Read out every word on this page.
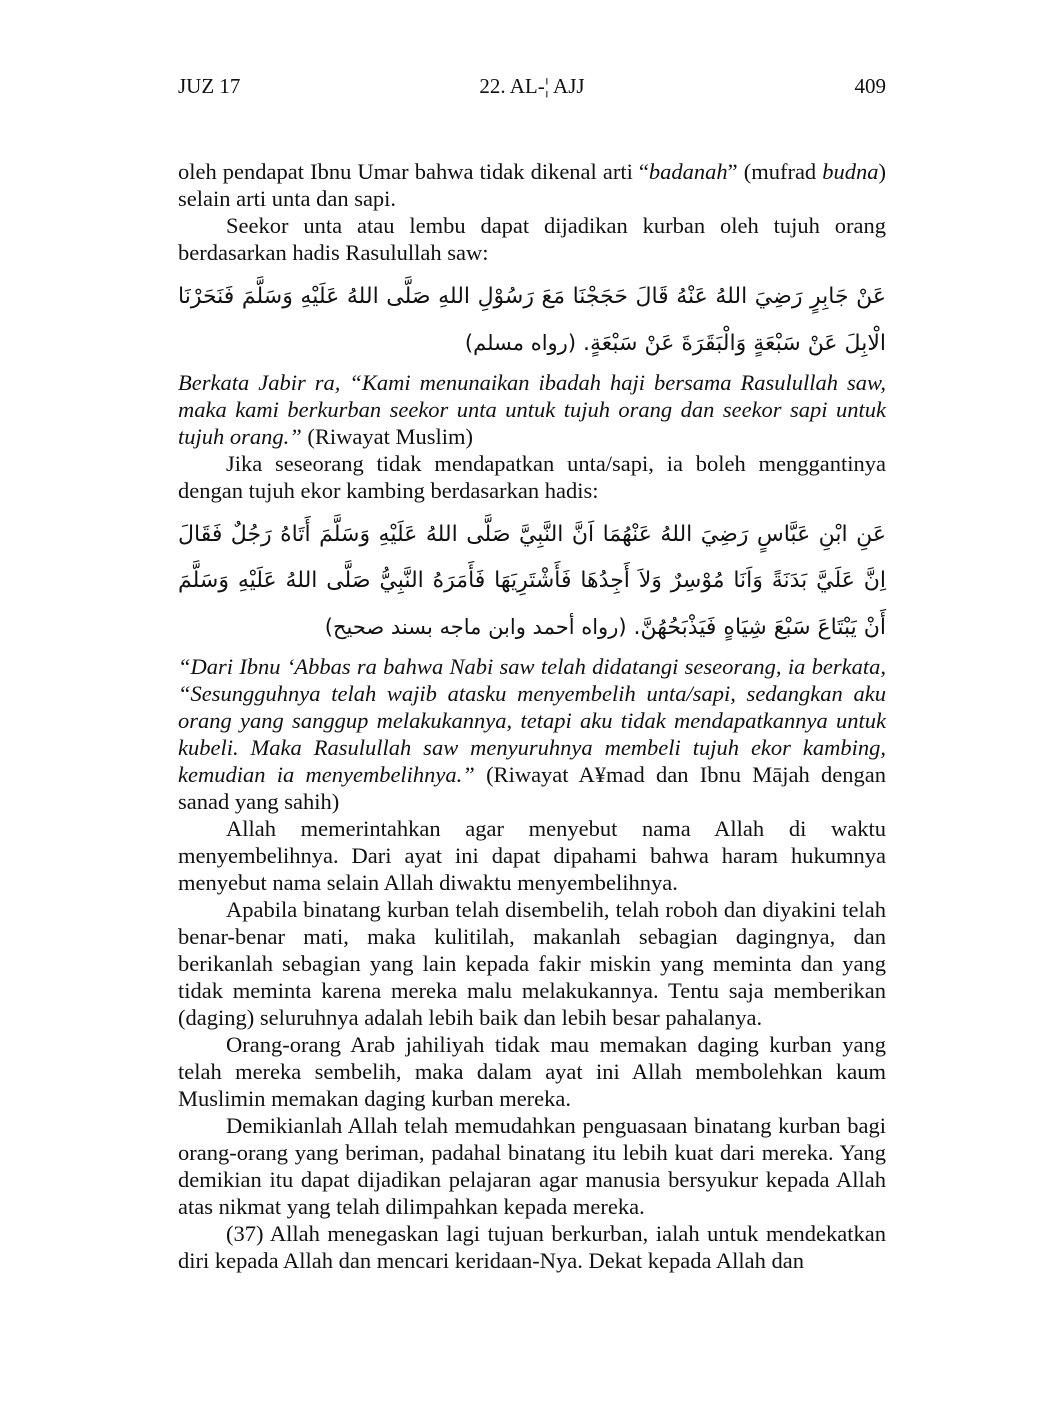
JUZ 17	22. AL-¦ AJJ	409

oleh pendapat Ibnu Umar bahwa tidak dikenal arti “badanah” (mufrad budna) selain arti unta dan sapi.

Seekor unta atau lembu dapat dijadikan kurban oleh tujuh orang berdasarkan hadis Rasulullah saw:

عَنْ جَابِرٍ رَضِيَ اللهُ عَنْهُ قَالَ حَجَجْنَا مَعَ رَسُوْلِ اللهِ صَلَّى اللهُ عَلَيْهِ وَسَلَّمَ فَنَحَرْنَا الْابِلَ عَنْ سَبْعَةٍ وَالْبَقَرَةَ عَنْ سَبْعَةٍ. (رواه مسلم)

Berkata Jabir ra, “Kami menunaikan ibadah haji bersama Rasulullah saw, maka kami berkurban seekor unta untuk tujuh orang dan seekor sapi untuk tujuh orang.” (Riwayat Muslim)

Jika seseorang tidak mendapatkan unta/sapi, ia boleh menggantinya dengan tujuh ekor kambing berdasarkan hadis:

عَنِ ابْنِ عَبَّاسٍ رَضِيَ اللهُ عَنْهُمَا اَنَّ النَّبِيَّ صَلَّى اللهُ عَلَيْهِ وَسَلَّمَ أَتَاهُ رَجُلٌ فَقَالَ اِنَّ عَلَيَّ بَدَنَةً وَاَنَا مُوْسِرٌ وَلاَ أَجِدُهَا فَأَشْتَرِيَهَا فَأَمَرَهُ النَّبِيُّ صَلَّى اللهُ عَلَيْهِ وَسَلَّمَ أَنْ يَبْتَاعَ سَبْعَ شِيَاهٍ فَيَذْبَحُهُنَّ. (رواه أحمد وابن ماجه بسند صحيح)

“Dari Ibnu ‘Abbas ra bahwa Nabi saw telah didatangi seseorang, ia berkata, “Sesungguhnya telah wajib atasku menyembelih unta/sapi, sedangkan aku orang yang sanggup melakukannya, tetapi aku tidak mendapatkannya untuk kubeli. Maka Rasulullah saw menyuruhnya membeli tujuh ekor kambing, kemudian ia menyembelihnya.” (Riwayat A¥mad dan Ibnu Mājah dengan sanad yang sahih)

Allah memerintahkan agar menyebut nama Allah di waktu menyembelihnya. Dari ayat ini dapat dipahami bahwa haram hukumnya menyebut nama selain Allah diwaktu menyembelihnya.

Apabila binatang kurban telah disembelih, telah roboh dan diyakini telah benar-benar mati, maka kulitilah, makanlah sebagian dagingnya, dan berikanlah sebagian yang lain kepada fakir miskin yang meminta dan yang tidak meminta karena mereka malu melakukannya. Tentu saja memberikan (daging) seluruhnya adalah lebih baik dan lebih besar pahalanya.

Orang-orang Arab jahiliyah tidak mau memakan daging kurban yang telah mereka sembelih, maka dalam ayat ini Allah membolehkan kaum Muslimin memakan daging kurban mereka.

Demikianlah Allah telah memudahkan penguasaan binatang kurban bagi orang-orang yang beriman, padahal binatang itu lebih kuat dari mereka. Yang demikian itu dapat dijadikan pelajaran agar manusia bersyukur kepada Allah atas nikmat yang telah dilimpahkan kepada mereka.

(37) Allah menegaskan lagi tujuan berkurban, ialah untuk mendekatkan diri kepada Allah dan mencari keridaan-Nya. Dekat kepada Allah dan
